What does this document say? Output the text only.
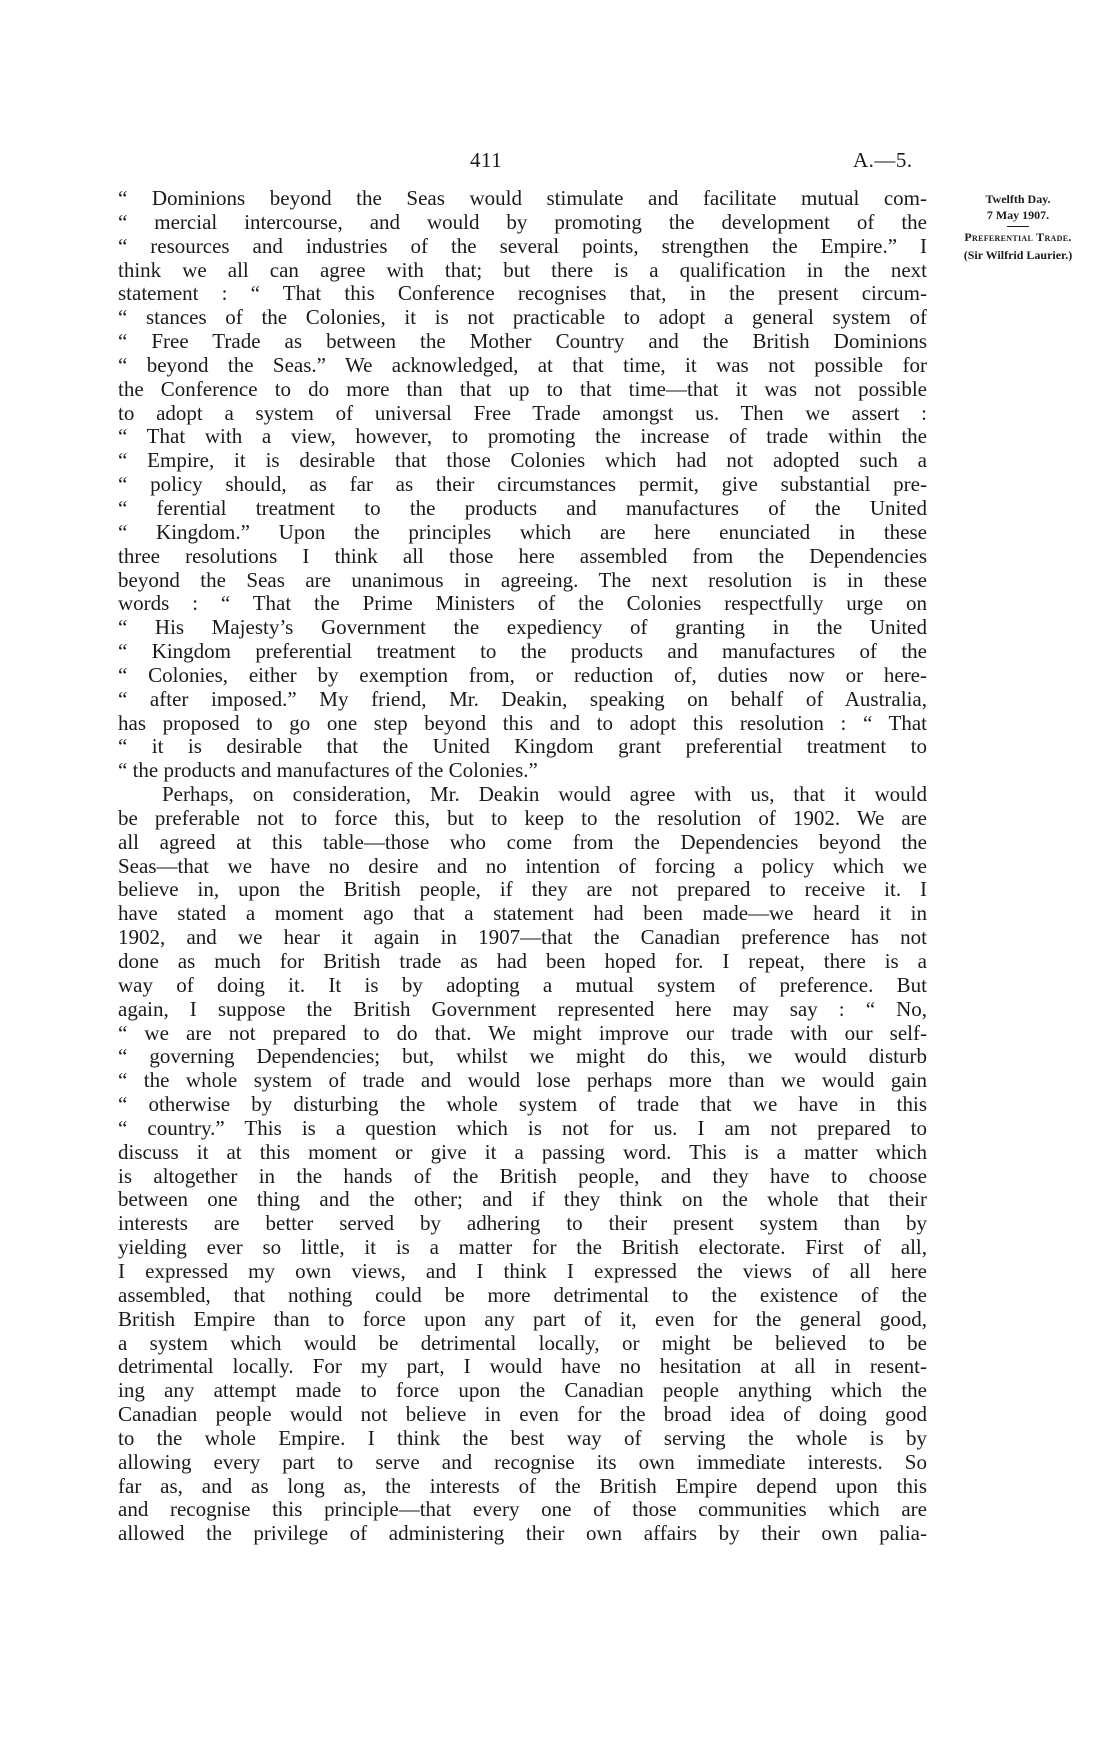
411	A.—5.
“ Dominions beyond the Seas would stimulate and facilitate mutual com-
“ mercial intercourse, and would by promoting the development of the
“ resources and industries of the several points, strengthen the Empire.” I
think we all can agree with that; but there is a qualification in the next
statement : “ That this Conference recognises that, in the present circum-
“ stances of the Colonies, it is not practicable to adopt a general system of
“ Free Trade as between the Mother Country and the British Dominions
“ beyond the Seas.” We acknowledged, at that time, it was not possible for
the Conference to do more than that up to that time—that it was not possible
to adopt a system of universal Free Trade amongst us. Then we assert :
“ That with a view, however, to promoting the increase of trade within the
“ Empire, it is desirable that those Colonies which had not adopted such a
“ policy should, as far as their circumstances permit, give substantial pre-
“ ferential treatment to the products and manufactures of the United
“ Kingdom.” Upon the principles which are here enunciated in these
three resolutions I think all those here assembled from the Dependencies
beyond the Seas are unanimous in agreeing. The next resolution is in these
words : “ That the Prime Ministers of the Colonies respectfully urge on
“ His Majesty’s Government the expediency of granting in the United
“ Kingdom preferential treatment to the products and manufactures of the
“ Colonies, either by exemption from, or reduction of, duties now or here-
“ after imposed.” My friend, Mr. Deakin, speaking on behalf of Australia,
has proposed to go one step beyond this and to adopt this resolution : “ That
“ it is desirable that the United Kingdom grant preferential treatment to
“ the products and manufactures of the Colonies.”
Perhaps, on consideration, Mr. Deakin would agree with us, that it would
be preferable not to force this, but to keep to the resolution of 1902. We are
all agreed at this table—those who come from the Dependencies beyond the
Seas—that we have no desire and no intention of forcing a policy which we
believe in, upon the British people, if they are not prepared to receive it. I
have stated a moment ago that a statement had been made—we heard it in
1902, and we hear it again in 1907—that the Canadian preference has not
done as much for British trade as had been hoped for. I repeat, there is a
way of doing it. It is by adopting a mutual system of preference. But
again, I suppose the British Government represented here may say : “ No,
“ we are not prepared to do that. We might improve our trade with our self-
“ governing Dependencies; but, whilst we might do this, we would disturb
“ the whole system of trade and would lose perhaps more than we would gain
“ otherwise by disturbing the whole system of trade that we have in this
“ country.” This is a question which is not for us. I am not prepared to
discuss it at this moment or give it a passing word. This is a matter which
is altogether in the hands of the British people, and they have to choose
between one thing and the other; and if they think on the whole that their
interests are better served by adhering to their present system than by
yielding ever so little, it is a matter for the British electorate. First of all,
I expressed my own views, and I think I expressed the views of all here
assembled, that nothing could be more detrimental to the existence of the
British Empire than to force upon any part of it, even for the general good,
a system which would be detrimental locally, or might be believed to be
detrimental locally. For my part, I would have no hesitation at all in resent-
ing any attempt made to force upon the Canadian people anything which the
Canadian people would not believe in even for the broad idea of doing good
to the whole Empire. I think the best way of serving the whole is by
allowing every part to serve and recognise its own immediate interests. So
far as, and as long as, the interests of the British Empire depend upon this
and recognise this principle—that every one of those communities which are
allowed the privilege of administering their own affairs by their own palia-
Twelfth Day.
7 May 1907.
Preferential Trade.
(Sir Wilfrid Laurier.)
